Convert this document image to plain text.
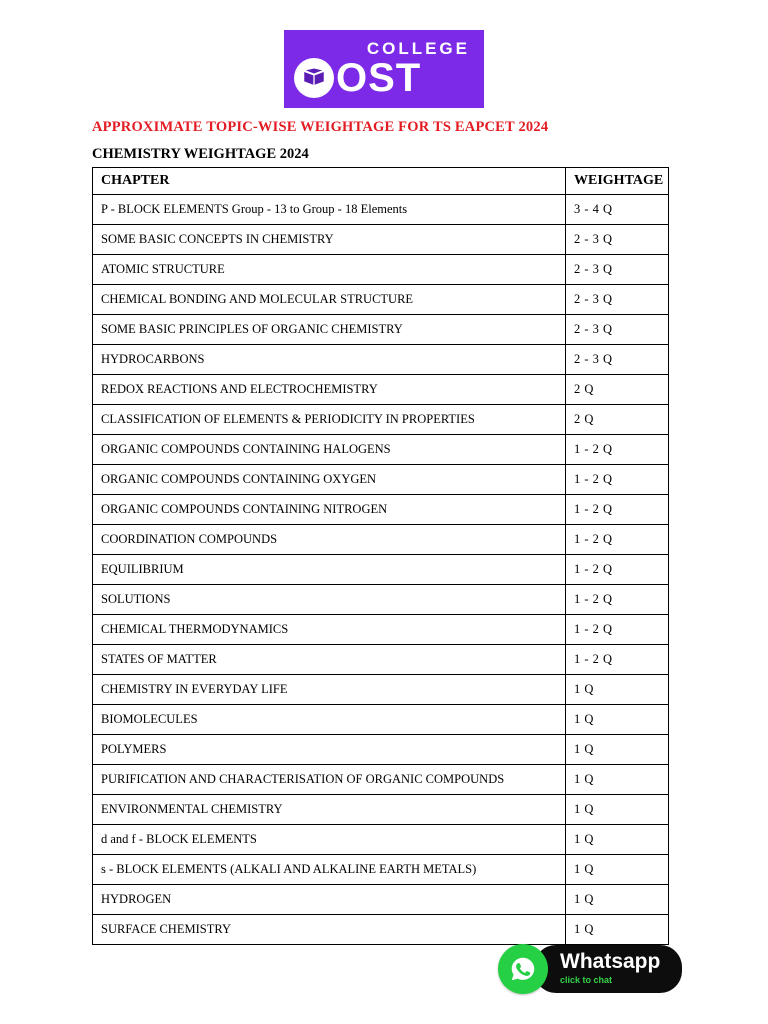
COLLEGE
OST
APPROXIMATE TOPIC-WISE WEIGHTAGE FOR TS EAPCET 2024
CHEMISTRY WEIGHTAGE 2024
CHAPTER	WEIGHTAGE
P - BLOCK ELEMENTS Group - 13 to Group - 18 Elements	3 - 4 Q
SOME BASIC CONCEPTS IN CHEMISTRY	2 - 3 Q
ATOMIC STRUCTURE	2 - 3 Q
CHEMICAL BONDING AND MOLECULAR STRUCTURE	2 - 3 Q
SOME BASIC PRINCIPLES OF ORGANIC CHEMISTRY	2 - 3 Q
HYDROCARBONS	2 - 3 Q
REDOX REACTIONS AND ELECTROCHEMISTRY	2 Q
CLASSIFICATION OF ELEMENTS & PERIODICITY IN PROPERTIES	2 Q
ORGANIC COMPOUNDS CONTAINING HALOGENS	1 - 2 Q
ORGANIC COMPOUNDS CONTAINING OXYGEN	1 - 2 Q
ORGANIC COMPOUNDS CONTAINING NITROGEN	1 - 2 Q
COORDINATION COMPOUNDS	1 - 2 Q
EQUILIBRIUM	1 - 2 Q
SOLUTIONS	1 - 2 Q
CHEMICAL THERMODYNAMICS	1 - 2 Q
STATES OF MATTER	1 - 2 Q
CHEMISTRY IN EVERYDAY LIFE	1 Q
BIOMOLECULES	1 Q
POLYMERS	1 Q
PURIFICATION AND CHARACTERISATION OF ORGANIC COMPOUNDS	1 Q
ENVIRONMENTAL CHEMISTRY	1 Q
d and f - BLOCK ELEMENTS	1 Q
s - BLOCK ELEMENTS (ALKALI AND ALKALINE EARTH METALS)	1 Q
HYDROGEN	1 Q
SURFACE CHEMISTRY	1 Q
Whatsapp
click to chat
